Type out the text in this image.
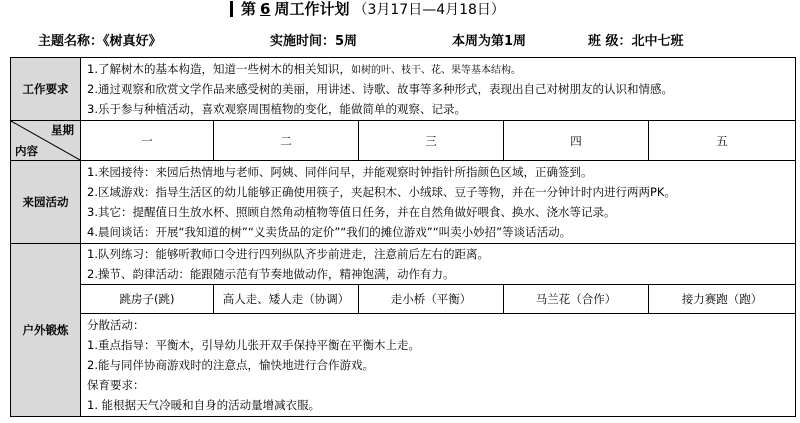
第 6 周工作计划 （3月17日—4月18日）
主题名称：《树真好》	实施时间：5周	本周为第1周	班 级：北中七班
工作要求	1.了解树木的基本构造，知道一些树木的相关知识，如树的叶、枝干、花、果等基本结构。
2.通过观察和欣赏文学作品来感受树的美丽，用讲述、诗歌、故事等多种形式，表现出自己对树朋友的认识和情感。
3.乐于参与种植活动，喜欢观察周围植物的变化，能做简单的观察、记录。				

星期
内容	一	二	三	四	五
来园活动	1.来园接待：来园后热情地与老师、阿姨、同伴问早，并能观察时钟指针所指颜色区域，正确签到。
2.区域游戏：指导生活区的幼儿能够正确使用筷子，夹起积木、小绒球、豆子等物，并在一分钟计时内进行两两PK。
3.其它：提醒值日生放水杯、照顾自然角动植物等值日任务，并在自然角做好喂食、换水、浇水等记录。
4.晨间谈话：开展“我知道的树”“义卖货品的定价”“我们的摊位游戏”“叫卖小妙招”等谈话活动。				

户外锻炼	1.队列练习：能够听教师口令进行四列纵队齐步前进走，注意前后左右的距离。
2.操节、韵律活动：能跟随示范有节奏地做动作，精神饱满，动作有力。				

	跳房子(跳)	高人走、矮人走（协调）	走小桥（平衡）	马兰花（合作）	接力赛跑（跑）

	分散活动：
1.重点指导：平衡木，引导幼儿张开双手保持平衡在平衡木上走。
2.能与同伴协商游戏时的注意点，愉快地进行合作游戏。
保育要求：
1. 能根据天气冷暖和自身的活动量增减衣服。				
